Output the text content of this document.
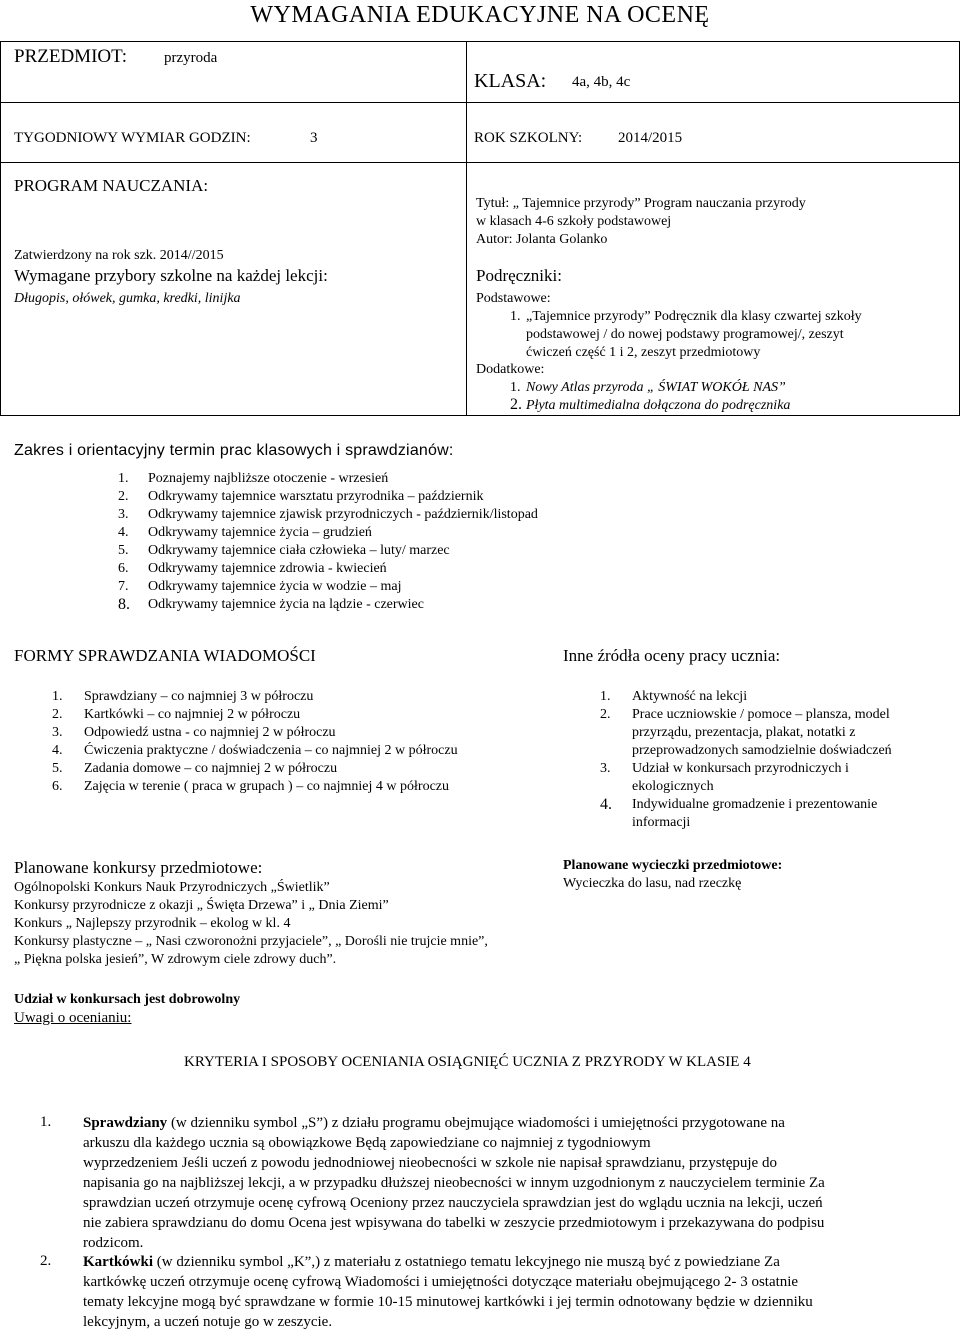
WYMAGANIA EDUKACYJNE NA OCENĘ
PRZEDMIOT: przyroda
KLASA: 4a, 4b, 4c
TYGODNIOWY WYMIAR GODZIN:	3	ROK SZKOLNY: 2014/2015
PROGRAM NAUCZANIA:
Zatwierdzony na rok szk. 2014//2015
Wymagane przybory szkolne na każdej lekcji:
Długopis, ołówek, gumka, kredki, linijka
Tytuł: „ Tajemnice przyrody” Program nauczania przyrody
w klasach 4-6 szkoły podstawowej
Autor: Jolanta Golanko
Podręczniki:
Podstawowe:
1. „Tajemnice przyrody” Podręcznik dla klasy czwartej szkoły
podstawowej / do nowej podstawy programowej/, zeszyt
ćwiczeń część 1 i 2, zeszyt przedmiotowy
Dodatkowe:
1. Nowy Atlas przyroda „ ŚWIAT WOKÓŁ NAS”
2. Płyta multimedialna dołączona do podręcznika
Zakres i orientacyjny termin prac klasowych i sprawdzianów:
1. Poznajemy najbliższe otoczenie - wrzesień
2. Odkrywamy tajemnice warsztatu przyrodnika – październik
3. Odkrywamy tajemnice zjawisk przyrodniczych - październik/listopad
4. Odkrywamy tajemnice życia – grudzień
5. Odkrywamy tajemnice ciała człowieka – luty/ marzec
6. Odkrywamy tajemnice zdrowia - kwiecień
7. Odkrywamy tajemnice życia w wodzie – maj
8. Odkrywamy tajemnice życia na lądzie - czerwiec
FORMY SPRAWDZANIA WIADOMOŚCI
1. Sprawdziany – co najmniej 3 w półroczu
2. Kartkówki – co najmniej 2 w półroczu
3. Odpowiedź ustna - co najmniej 2 w półroczu
4. Ćwiczenia praktyczne / doświadczenia – co najmniej 2 w półroczu
5. Zadania domowe – co najmniej 2 w półroczu
6. Zajęcia w terenie ( praca w grupach ) – co najmniej 4 w półroczu
Inne źródła oceny pracy ucznia:
1. Aktywność na lekcji
2. Prace uczniowskie / pomoce – plansza, model
przyrządu, prezentacja, plakat, notatki z
przeprowadzonych samodzielnie doświadczeń
3. Udział w konkursach przyrodniczych i
ekologicznych
4. Indywidualne gromadzenie i prezentowanie
informacji
Planowane konkursy przedmiotowe:
Ogólnopolski Konkurs Nauk Przyrodniczych „Świetlik”
Konkursy przyrodnicze z okazji „ Święta Drzewa” i „ Dnia Ziemi”
Konkurs „ Najlepszy przyrodnik – ekolog w kl. 4
Konkursy plastyczne – „ Nasi czworonożni przyjaciele”, „ Dorośli nie trujcie mnie”,
„ Piękna polska jesień”, W zdrowym ciele zdrowy duch”.
Planowane wycieczki przedmiotowe:
Wycieczka do lasu, nad rzeczkę
Udział w konkursach jest dobrowolny
Uwagi o ocenianiu:
KRYTERIA I SPOSOBY OCENIANIA OSIĄGNIĘĆ UCZNIA Z PRZYRODY W KLASIE 4
1. Sprawdziany (w dzienniku symbol „S”) z działu programu obejmujące wiadomości i umiejętności przygotowane na
arkuszu dla każdego ucznia są obowiązkowe Będą zapowiedziane co najmniej z tygodniowym
wyprzedzeniem Jeśli uczeń z powodu jednodniowej nieobecności w szkole nie napisał sprawdzianu, przystępuje do
napisania go na najbliższej lekcji, a w przypadku dłuższej nieobecności w innym uzgodnionym z nauczycielem terminie Za
sprawdzian uczeń otrzymuje ocenę cyfrową Oceniony przez nauczyciela sprawdzian jest do wglądu ucznia na lekcji, uczeń
nie zabiera sprawdzianu do domu Ocena jest wpisywana do tabelki w zeszycie przedmiotowym i przekazywana do podpisu
rodzicom.
2. Kartkówki (w dzienniku symbol „K”,) z materiału z ostatniego tematu lekcyjnego nie muszą być z powiedziane Za
kartkówkę uczeń otrzymuje ocenę cyfrową Wiadomości i umiejętności dotyczące materiału obejmującego 2- 3 ostatnie
tematy lekcyjne mogą być sprawdzane w formie 10-15 minutowej kartkówki i jej termin odnotowany będzie w dzienniku
lekcyjnym, a uczeń notuje go w zeszycie.
